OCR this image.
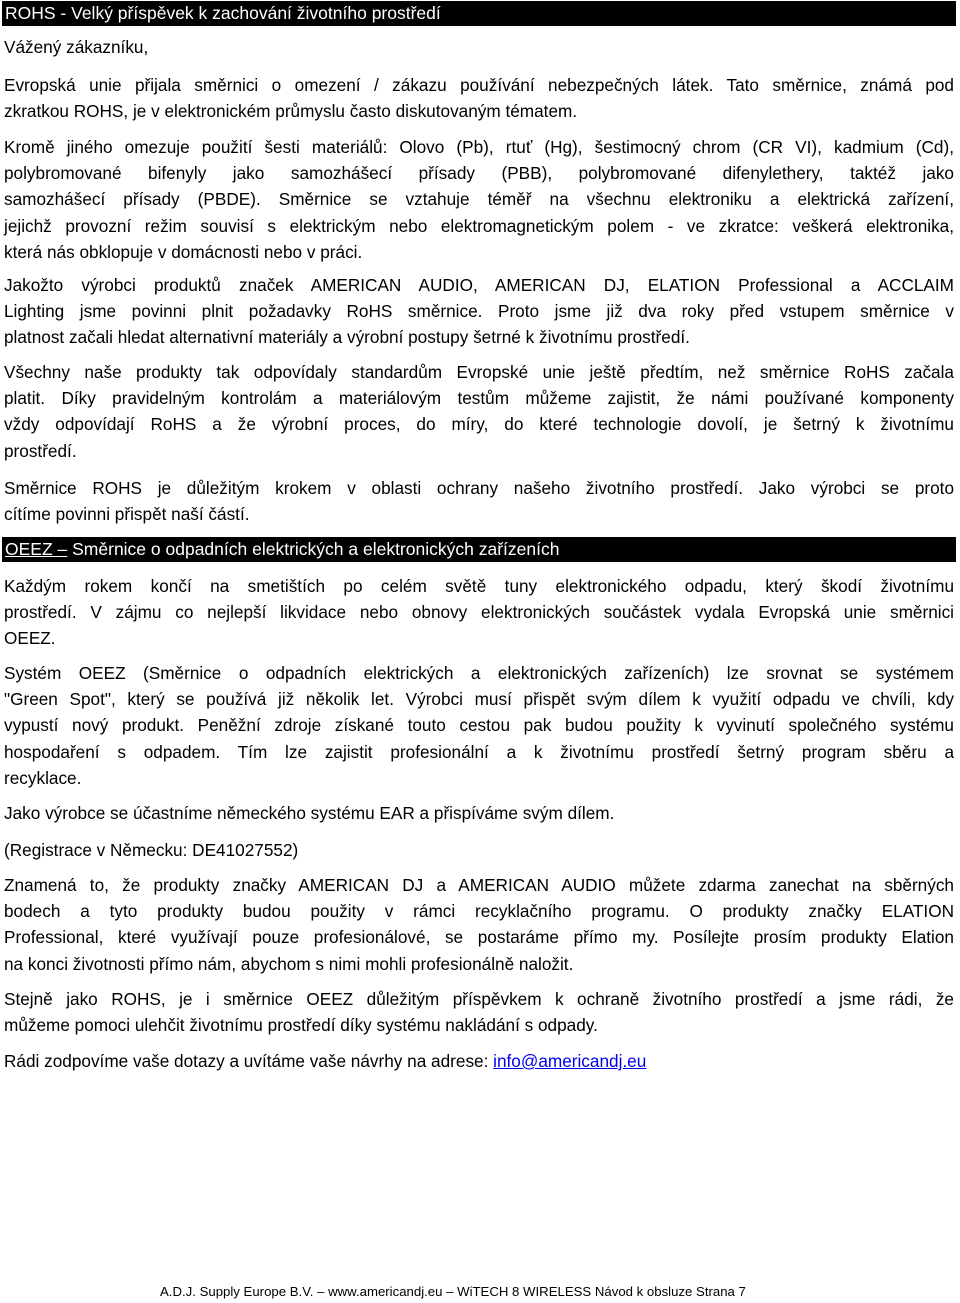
ROHS - Velký příspěvek k zachování životního prostředí
Vážený zákazníku,
Evropská unie přijala směrnici o omezení / zákazu používání nebezpečných látek. Tato směrnice, známá pod
zkratkou ROHS, je v elektronickém průmyslu často diskutovaným tématem.
Kromě jiného omezuje použití šesti materiálů: Olovo (Pb), rtuť (Hg), šestimocný chrom (CR VI), kadmium (Cd),
polybromované bifenyly jako samozhášecí přísady (PBB), polybromované difenylethery, taktéž jako
samozhášecí přísady (PBDE). Směrnice se vztahuje téměř na všechnu elektroniku a elektrická zařízení,
jejichž provozní režim souvisí s elektrickým nebo elektromagnetickým polem - ve zkratce: veškerá elektronika,
která nás obklopuje v domácnosti nebo v práci.
Jakožto výrobci produktů značek AMERICAN AUDIO, AMERICAN DJ, ELATION Professional a ACCLAIM
Lighting jsme povinni plnit požadavky RoHS směrnice. Proto jsme již dva roky před vstupem směrnice v
platnost začali hledat alternativní materiály a výrobní postupy šetrné k životnímu prostředí.
Všechny naše produkty tak odpovídaly standardům Evropské unie ještě předtím, než směrnice RoHS začala
platit. Díky pravidelným kontrolám a materiálovým testům můžeme zajistit, že námi používané komponenty
vždy odpovídají RoHS a že výrobní proces, do míry, do které technologie dovolí, je šetrný k životnímu
prostředí.
Směrnice ROHS je důležitým krokem v oblasti ochrany našeho životního prostředí. Jako výrobci se proto
cítíme povinni přispět naší částí.
OEEZ – Směrnice o odpadních elektrických a elektronických zařízeních
Každým rokem končí na smetištích po celém světě tuny elektronického odpadu, který škodí životnímu
prostředí. V zájmu co nejlepší likvidace nebo obnovy elektronických součástek vydala Evropská unie směrnici
OEEZ.
Systém OEEZ (Směrnice o odpadních elektrických a elektronických zařízeních) lze srovnat se systémem
"Green Spot", který se používá již několik let. Výrobci musí přispět svým dílem k využití odpadu ve chvíli, kdy
vypustí nový produkt. Peněžní zdroje získané touto cestou pak budou použity k vyvinutí společného systému
hospodaření s odpadem. Tím lze zajistit profesionální a k životnímu prostředí šetrný program sběru a
recyklace.
Jako výrobce se účastníme německého systému EAR a přispíváme svým dílem.
(Registrace v Německu: DE41027552)
Znamená to, že produkty značky AMERICAN DJ a AMERICAN AUDIO můžete zdarma zanechat na sběrných
bodech a tyto produkty budou použity v rámci recyklačního programu. O produkty značky ELATION
Professional, které využívají pouze profesionálové, se postaráme přímo my. Posílejte prosím produkty Elation
na konci životnosti přímo nám, abychom s nimi mohli profesionálně naložit.
Stejně jako ROHS, je i směrnice OEEZ důležitým příspěvkem k ochraně životního prostředí a jsme rádi, že
můžeme pomoci ulehčit životnímu prostředí díky systému nakládání s odpady.
Rádi zodpovíme vaše dotazy a uvítáme vaše návrhy na adrese: info@americandj.eu
A.D.J. Supply Europe B.V. – www.americandj.eu – WiTECH 8 WIRELESS Návod k obsluze Strana 7
